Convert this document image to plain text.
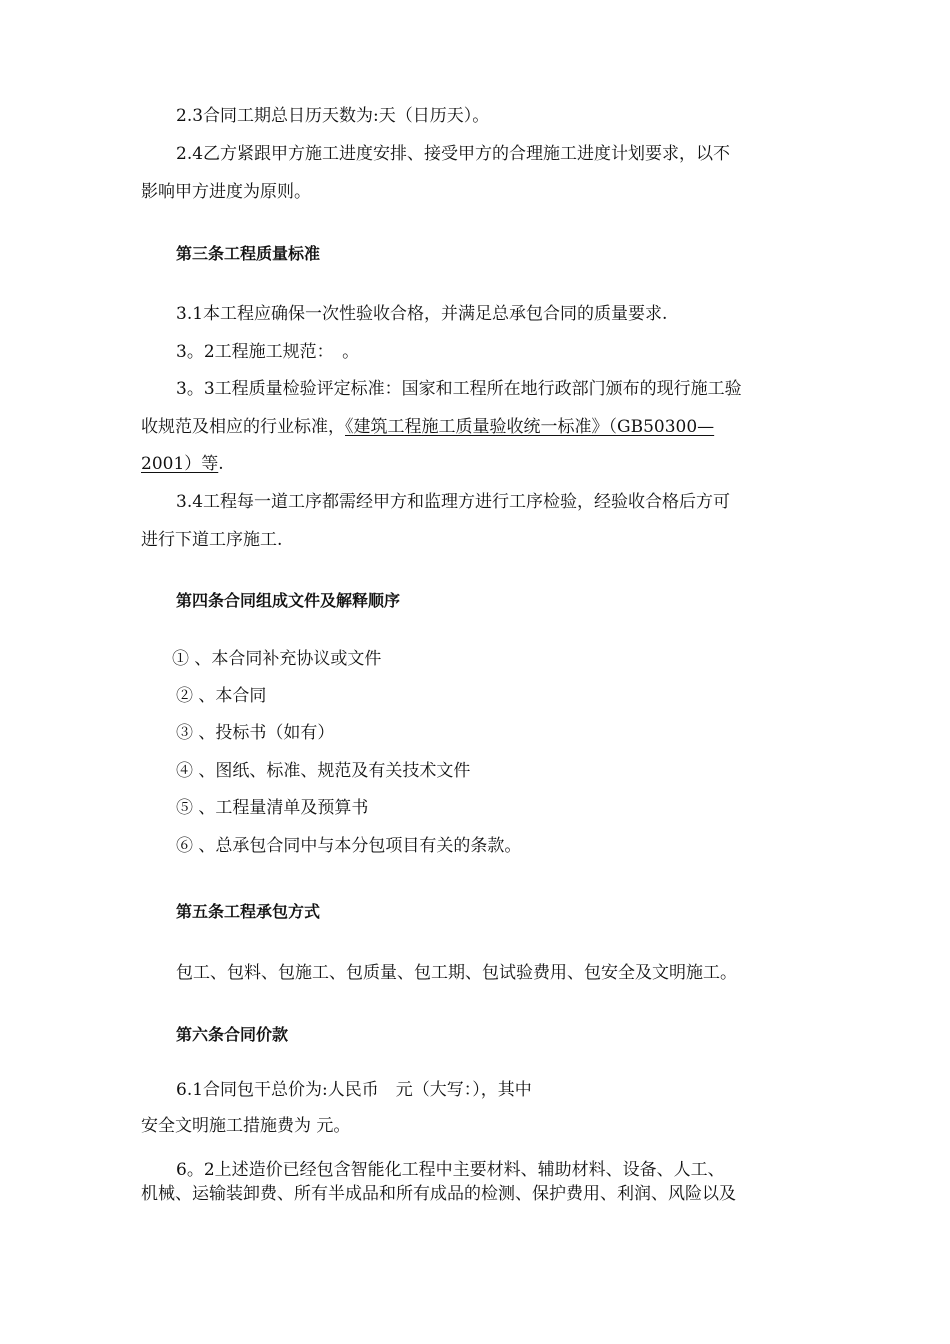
2.3合同工期总日历天数为:天（日历天）。
2.4乙方紧跟甲方施工进度安排、接受甲方的合理施工进度计划要求，以不
影响甲方进度为原则。
第三条工程质量标准
3.1本工程应确保一次性验收合格，并满足总承包合同的质量要求.
3。2工程施工规范：　。
3。3工程质量检验评定标准：国家和工程所在地行政部门颁布的现行施工验
收规范及相应的行业标准，《建筑工程施工质量验收统一标准》（GB50300—
2001）等.
3.4工程每一道工序都需经甲方和监理方进行工序检验，经验收合格后方可
进行下道工序施工.
第四条合同组成文件及解释顺序
① 、本合同补充协议或文件
② 、本合同
③ 、投标书（如有）
④ 、图纸、标准、规范及有关技术文件
⑤ 、工程量清单及预算书
⑥ 、总承包合同中与本分包项目有关的条款。
第五条工程承包方式
包工、包料、包施工、包质量、包工期、包试验费用、包安全及文明施工。
第六条合同价款
6.1合同包干总价为:人民币　元（大写：），其中
安全文明施工措施费为 元。
6。2上述造价已经包含智能化工程中主要材料、辅助材料、设备、人工、
机械、运输装卸费、所有半成品和所有成品的检测、保护费用、利润、风险以及
